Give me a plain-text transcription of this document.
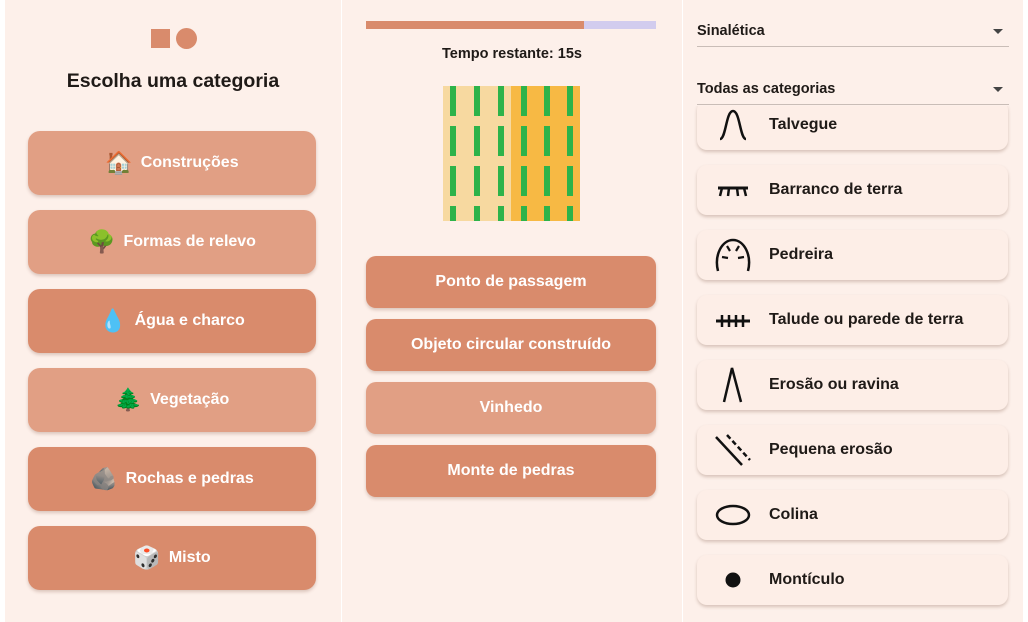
Escolha uma categoria
🏠 Construções
🌳 Formas de relevo
💧 Água e charco
🌲 Vegetação
🪨 Rochas e pedras
🎲 Misto
Tempo restante: 15s
Ponto de passagem
Objeto circular construído
Vinhedo
Monte de pedras
Sinalética
Todas as categorias
Talvegue
Barranco de terra
Pedreira
Talude ou parede de terra
Erosão ou ravina
Pequena erosão
Colina
Montículo
